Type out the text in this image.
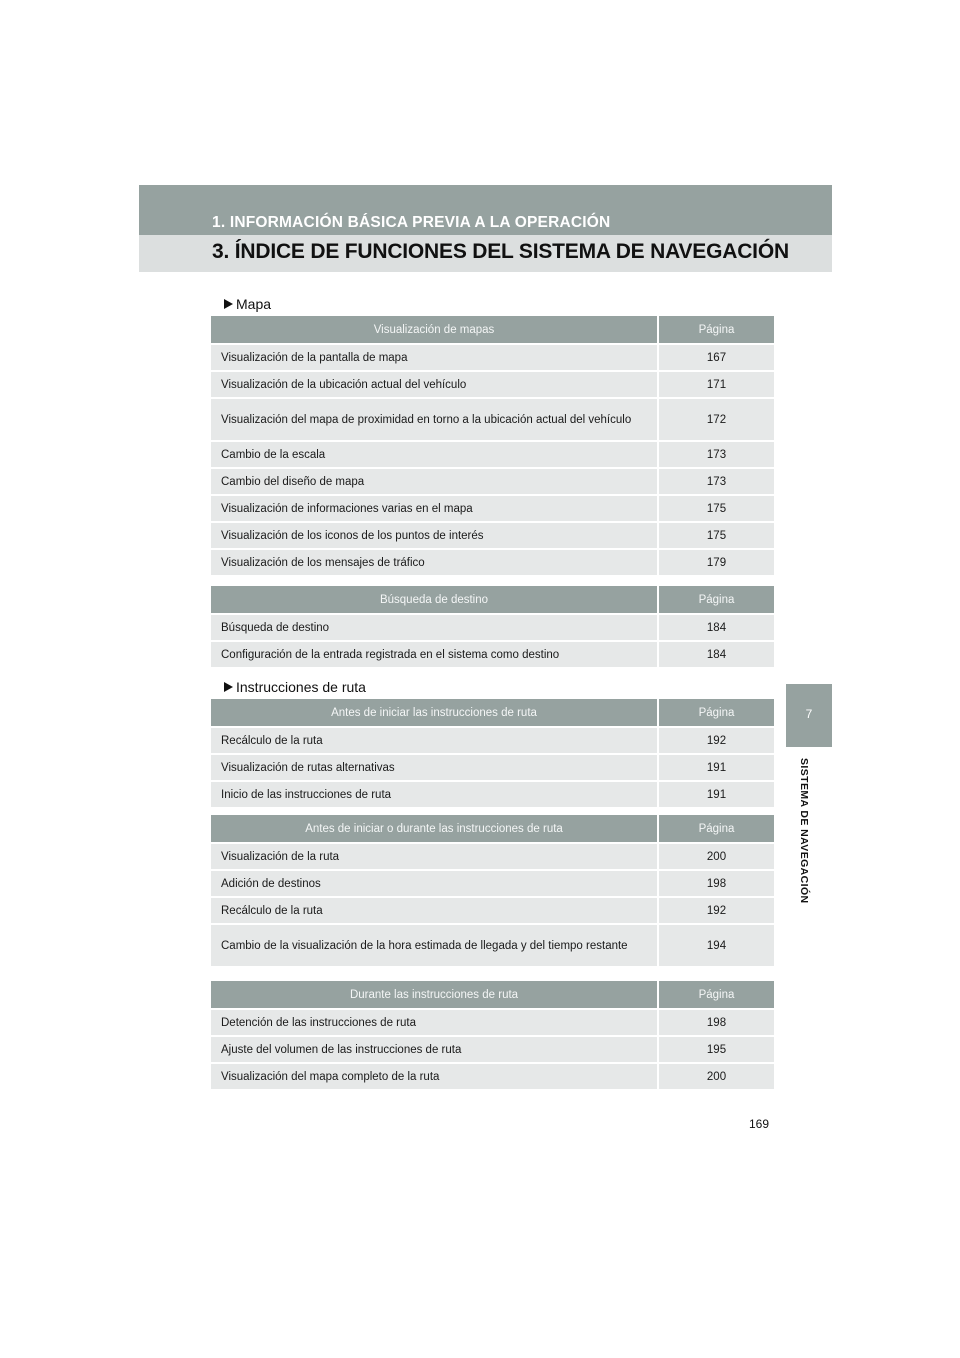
1. INFORMACIÓN BÁSICA PREVIA A LA OPERACIÓN
3. ÍNDICE DE FUNCIONES DEL SISTEMA DE NAVEGACIÓN
7
SISTEMA DE NAVEGACIÓN
Mapa
Visualización de mapas	Página
Visualización de la pantalla de mapa	167
Visualización de la ubicación actual del vehículo	171
Visualización del mapa de proximidad en torno a la ubicación actual del vehículo	172
Cambio de la escala	173
Cambio del diseño de mapa	173
Visualización de informaciones varias en el mapa	175
Visualización de los iconos de los puntos de interés	175
Visualización de los mensajes de tráfico	179
Búsqueda de destino	Página
Búsqueda de destino	184
Configuración de la entrada registrada en el sistema como destino	184
Instrucciones de ruta
Antes de iniciar las instrucciones de ruta	Página
Recálculo de la ruta	192
Visualización de rutas alternativas	191
Inicio de las instrucciones de ruta	191
Antes de iniciar o durante las instrucciones de ruta	Página
Visualización de la ruta	200
Adición de destinos	198
Recálculo de la ruta	192
Cambio de la visualización de la hora estimada de llegada y del tiempo restante	194
Durante las instrucciones de ruta	Página
Detención de las instrucciones de ruta	198
Ajuste del volumen de las instrucciones de ruta	195
Visualización del mapa completo de la ruta	200
169
